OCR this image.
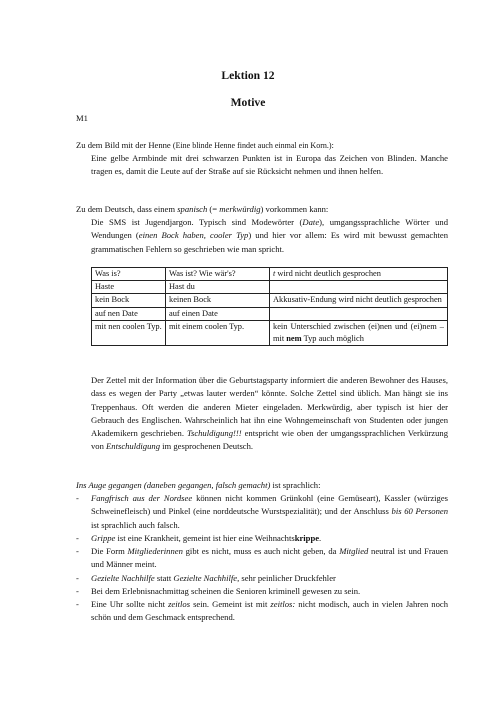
Lektion 12
Motive

M1

Zu dem Bild mit der Henne (Eine blinde Henne findet auch einmal ein Korn.):

Eine gelbe Armbinde mit drei schwarzen Punkten ist in Europa das Zeichen von Blinden. Manche tragen es, damit die Leute auf der Straße auf sie Rücksicht nehmen und ihnen helfen.

Zu dem Deutsch, dass einem spanisch (= merkwürdig) vorkommen kann:

Die SMS ist Jugendjargon. Typisch sind Modewörter (Date), umgangssprachliche Wörter und Wendungen (einen Bock haben, cooler Typ) und hier vor allem: Es wird mit bewusst gemachten grammatischen Fehlern so geschrieben wie man spricht.

Was is?	Was ist? Wie wär's?	t wird nicht deutlich gesprochen
Haste	Hast du	
kein Bock	keinen Bock	Akkusativ-Endung wird nicht deutlich gesprochen
auf nen Date	auf einen Date	
mit nen coolen Typ.	mit einem coolen Typ.	kein Unterschied zwischen (ei)nen und (ei)nem – mit nem Typ auch möglich

Der Zettel mit der Information über die Geburtstagsparty informiert die anderen Bewohner des Hauses, dass es wegen der Party „etwas lauter werden“ könnte. Solche Zettel sind üblich. Man hängt sie ins Treppenhaus. Oft werden die anderen Mieter eingeladen. Merkwürdig, aber typisch ist hier der Gebrauch des Englischen. Wahrscheinlich hat ihn eine Wohngemeinschaft von Studenten oder jungen Akademikern geschrieben. Tschuldigung!!! entspricht wie oben der umgangssprachlichen Verkürzung von Entschuldigung im gesprochenen Deutsch.

Ins Auge gegangen (daneben gegangen, falsch gemacht) ist sprachlich:

-	Fangfrisch aus der Nordsee können nicht kommen Grünkohl (eine Gemüseart), Kassler (würziges Schweinefleisch) und Pinkel (eine norddeutsche Wurstspezialität); und der Anschluss bis 60 Personen ist sprachlich auch falsch.

-	Grippe ist eine Krankheit, gemeint ist hier eine Weihnachtskrippe.

-	Die Form Mitgliederinnen gibt es nicht, muss es auch nicht geben, da Mitglied neutral ist und Frauen und Männer meint.

-	Gezielte Nachhilfe statt Gezielte Nachhilfe, sehr peinlicher Druckfehler

-	Bei dem Erlebnisnachmittag scheinen die Senioren kriminell gewesen zu sein.

-	Eine Uhr sollte nicht zeitlos sein. Gemeint ist mit zeitlos: nicht modisch, auch in vielen Jahren noch schön und dem Geschmack entsprechend.
